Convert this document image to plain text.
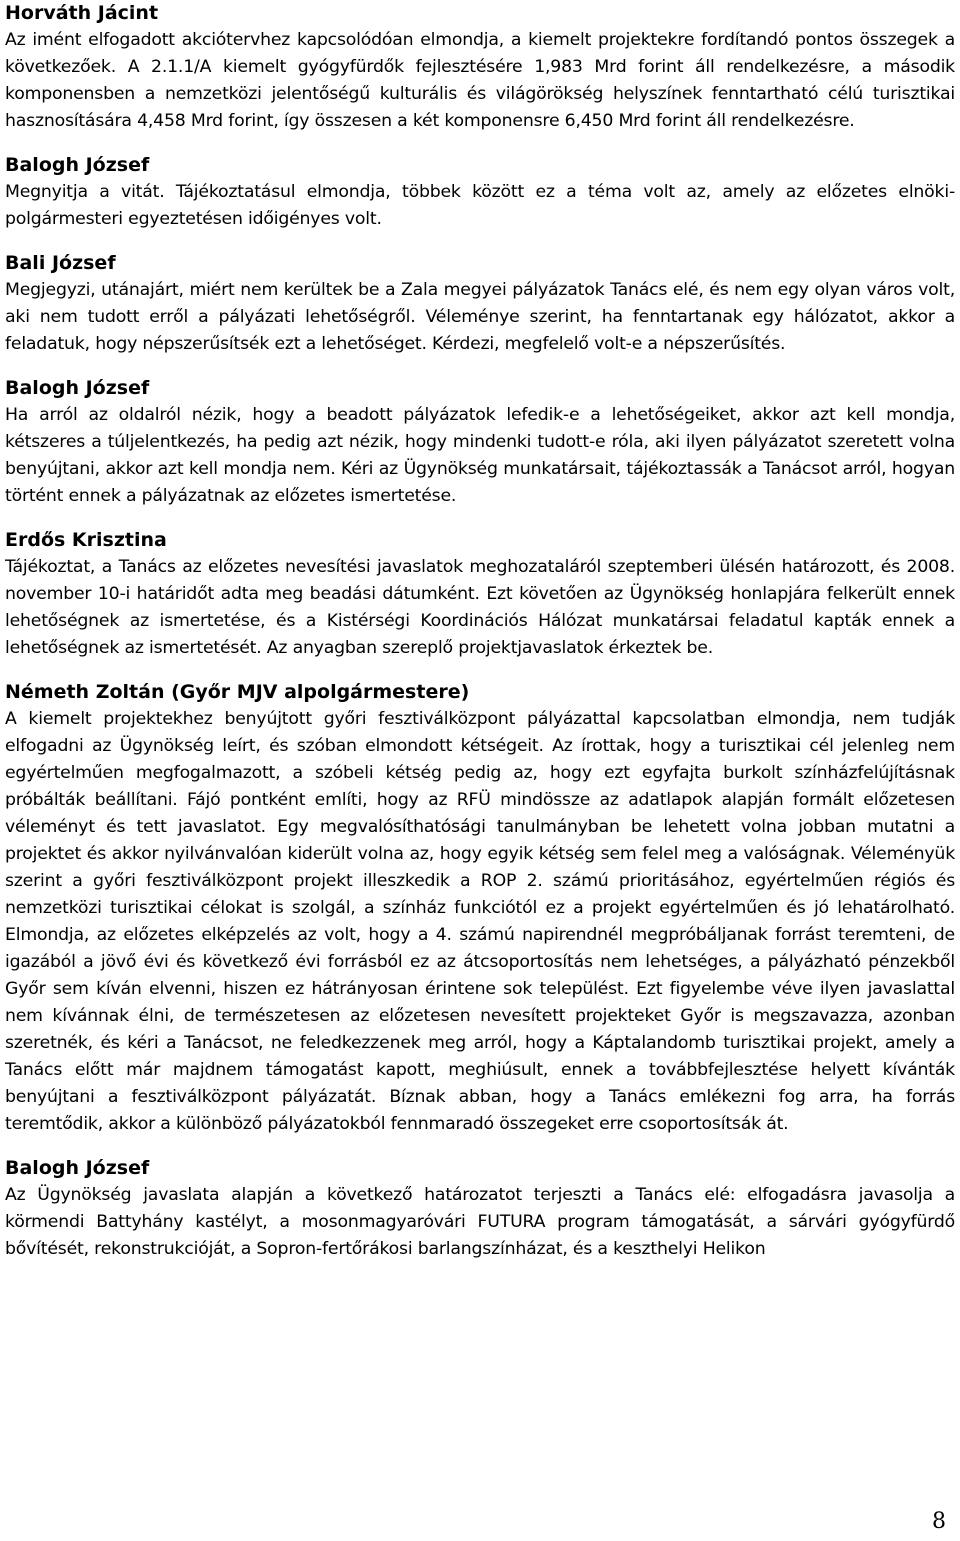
Horváth Jácint

Az imént elfogadott akciótervhez kapcsolódóan elmondja, a kiemelt projektekre fordítandó pontos összegek a következőek. A 2.1.1/A kiemelt gyógyfürdők fejlesztésére 1,983 Mrd forint áll rendelkezésre, a második komponensben a nemzetközi jelentőségű kulturális és világörökség helyszínek fenntartható célú turisztikai hasznosítására 4,458 Mrd forint, így összesen a két komponensre 6,450 Mrd forint áll rendelkezésre.

Balogh József

Megnyitja a vitát. Tájékoztatásul elmondja, többek között ez a téma volt az, amely az előzetes elnöki-polgármesteri egyeztetésen időigényes volt.

Bali József

Megjegyzi, utánajárt, miért nem kerültek be a Zala megyei pályázatok Tanács elé, és nem egy olyan város volt, aki nem tudott erről a pályázati lehetőségről. Véleménye szerint, ha fenntartanak egy hálózatot, akkor a feladatuk, hogy népszerűsítsék ezt a lehetőséget. Kérdezi, megfelelő volt-e a népszerűsítés.

Balogh József

Ha arról az oldalról nézik, hogy a beadott pályázatok lefedik-e a lehetőségeiket, akkor azt kell mondja, kétszeres a túljelentkezés, ha pedig azt nézik, hogy mindenki tudott-e róla, aki ilyen pályázatot szeretett volna benyújtani, akkor azt kell mondja nem. Kéri az Ügynökség munkatársait, tájékoztassák a Tanácsot arról, hogyan történt ennek a pályázatnak az előzetes ismertetése.

Erdős Krisztina

Tájékoztat, a Tanács az előzetes nevesítési javaslatok meghozataláról szeptemberi ülésén határozott, és 2008. november 10-i határidőt adta meg beadási dátumként. Ezt követően az Ügynökség honlapjára felkerült ennek lehetőségnek az ismertetése, és a Kistérségi Koordinációs Hálózat munkatársai feladatul kapták ennek a lehetőségnek az ismertetését. Az anyagban szereplő projektjavaslatok érkeztek be.

Németh Zoltán (Győr MJV alpolgármestere)

A kiemelt projektekhez benyújtott győri fesztiválközpont pályázattal kapcsolatban elmondja, nem tudják elfogadni az Ügynökség leírt, és szóban elmondott kétségeit. Az írottak, hogy a turisztikai cél jelenleg nem egyértelműen megfogalmazott, a szóbeli kétség pedig az, hogy ezt egyfajta burkolt színházfelújításnak próbálták beállítani. Fájó pontként említi, hogy az RFÜ mindössze az adatlapok alapján formált előzetesen véleményt és tett javaslatot. Egy megvalósíthatósági tanulmányban be lehetett volna jobban mutatni a projektet és akkor nyilvánvalóan kiderült volna az, hogy egyik kétség sem felel meg a valóságnak. Véleményük szerint a győri fesztiválközpont projekt illeszkedik a ROP 2. számú prioritásához, egyértelműen régiós és nemzetközi turisztikai célokat is szolgál, a színház funkciótól ez a projekt egyértelműen és jó lehatárolható. Elmondja, az előzetes elképzelés az volt, hogy a 4. számú napirendnél megpróbáljanak forrást teremteni, de igazából a jövő évi és következő évi forrásból ez az átcsoportosítás nem lehetséges, a pályázható pénzekből Győr sem kíván elvenni, hiszen ez hátrányosan érintene sok települést. Ezt figyelembe véve ilyen javaslattal nem kívánnak élni, de természetesen az előzetesen nevesített projekteket Győr is megszavazza, azonban szeretnék, és kéri a Tanácsot, ne feledkezzenek meg arról, hogy a Káptalandomb turisztikai projekt, amely a Tanács előtt már majdnem támogatást kapott, meghiúsult, ennek a továbbfejlesztése helyett kívánták benyújtani a fesztiválközpont pályázatát. Bíznak abban, hogy a Tanács emlékezni fog arra, ha forrás teremtődik, akkor a különböző pályázatokból fennmaradó összegeket erre csoportosítsák át.

Balogh József

Az Ügynökség javaslata alapján a következő határozatot terjeszti a Tanács elé: elfogadásra javasolja a körmendi Battyhány kastélyt, a mosonmagyaróvári FUTURA program támogatását, a sárvári gyógyfürdő bővítését, rekonstrukcióját, a Sopron-fertőrákosi barlangszínházat, és a keszthelyi Helikon

8
